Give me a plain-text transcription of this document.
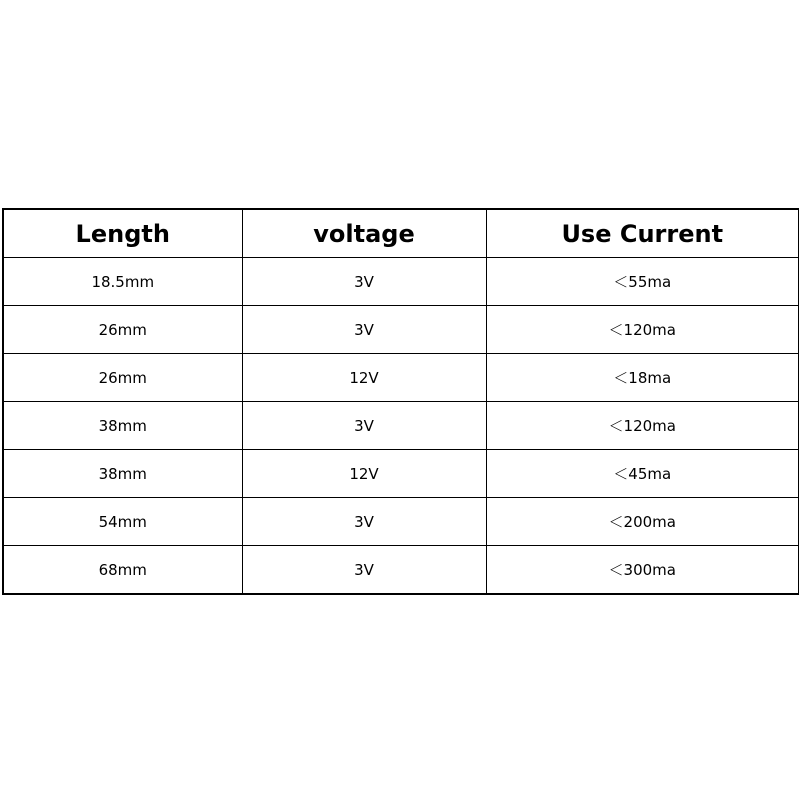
Length	voltage	Use Current
18.5mm	3V	＜55ma
26mm	3V	＜120ma
26mm	12V	＜18ma
38mm	3V	＜120ma
38mm	12V	＜45ma
54mm	3V	＜200ma
68mm	3V	＜300ma
